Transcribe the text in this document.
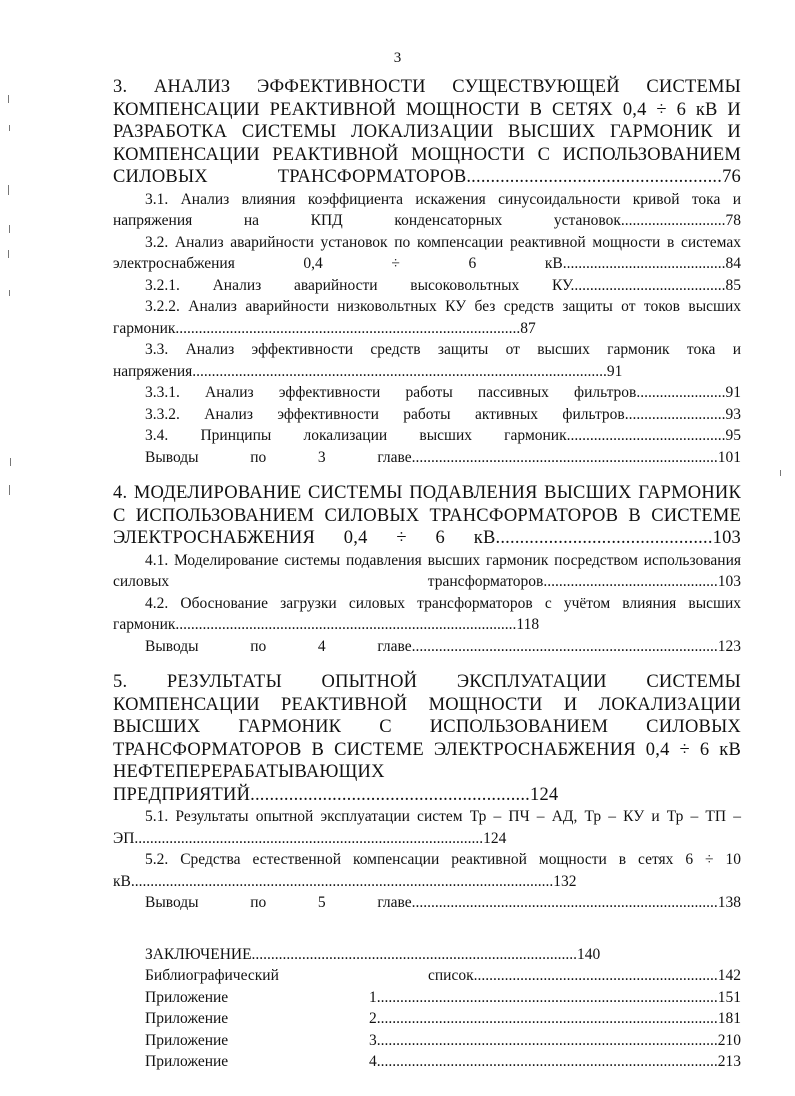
3
3. АНАЛИЗ ЭФФЕКТИВНОСТИ СУЩЕСТВУЮЩЕЙ СИСТЕМЫ КОМПЕНСАЦИИ РЕАКТИВНОЙ МОЩНОСТИ В СЕТЯХ 0,4 ÷ 6 кВ И РАЗРАБОТКА СИСТЕМЫ ЛОКАЛИЗАЦИИ ВЫСШИХ ГАРМОНИК И КОМПЕНСАЦИИ РЕАКТИВНОЙ МОЩНОСТИ С ИСПОЛЬЗОВАНИЕМ СИЛОВЫХ ТРАНСФОРМАТОРОВ.....................................................76
3.1. Анализ влияния коэффициента искажения синусоидальности кривой тока и напряжения на КПД конденсаторных установок...........................78
3.2. Анализ аварийности установок по компенсации реактивной мощности в системах электроснабжения 0,4 ÷ 6 кВ..........................................84
3.2.1. Анализ аварийности высоковольтных КУ........................................85
3.2.2. Анализ аварийности низковольтных КУ без средств защиты от токов высших гармоник.........................................................................................87
3.3. Анализ эффективности средств защиты от высших гармоник тока и напряжения...........................................................................................................91
3.3.1. Анализ эффективности работы пассивных фильтров.......................91
3.3.2. Анализ эффективности работы активных фильтров..........................93
3.4. Принципы локализации высших гармоник.........................................95
Выводы по 3 главе...............................................................................101
4. МОДЕЛИРОВАНИЕ СИСТЕМЫ ПОДАВЛЕНИЯ ВЫСШИХ ГАРМОНИК С ИСПОЛЬЗОВАНИЕМ СИЛОВЫХ ТРАНСФОРМАТОРОВ В СИСТЕМЕ ЭЛЕКТРОСНАБЖЕНИЯ 0,4 ÷ 6 кВ.............................................103
4.1. Моделирование системы подавления высших гармоник посредством использования силовых трансформаторов.............................................103
4.2. Обоснование загрузки силовых трансформаторов с учётом влияния высших гармоник........................................................................................118
Выводы по 4 главе...............................................................................123
5. РЕЗУЛЬТАТЫ ОПЫТНОЙ ЭКСПЛУАТАЦИИ СИСТЕМЫ КОМПЕНСАЦИИ РЕАКТИВНОЙ МОЩНОСТИ И ЛОКАЛИЗАЦИИ ВЫСШИХ ГАРМОНИК С ИСПОЛЬЗОВАНИЕМ СИЛОВЫХ ТРАНСФОРМАТОРОВ В СИСТЕМЕ ЭЛЕКТРОСНАБЖЕНИЯ 0,4 ÷ 6 кВ НЕФТЕПЕРЕРАБАТЫВАЮЩИХ ПРЕДПРИЯТИЙ..........................................................124
5.1. Результаты опытной эксплуатации систем Тр – ПЧ – АД, Тр – КУ и Тр – ТП – ЭП..........................................................................................124
5.2. Средства естественной компенсации реактивной мощности в сетях 6 ÷ 10 кВ.............................................................................................................132
Выводы по 5 главе...............................................................................138
ЗАКЛЮЧЕНИЕ....................................................................................140
Библиографический список...............................................................142
Приложение 1........................................................................................151
Приложение 2........................................................................................181
Приложение 3........................................................................................210
Приложение 4........................................................................................213
